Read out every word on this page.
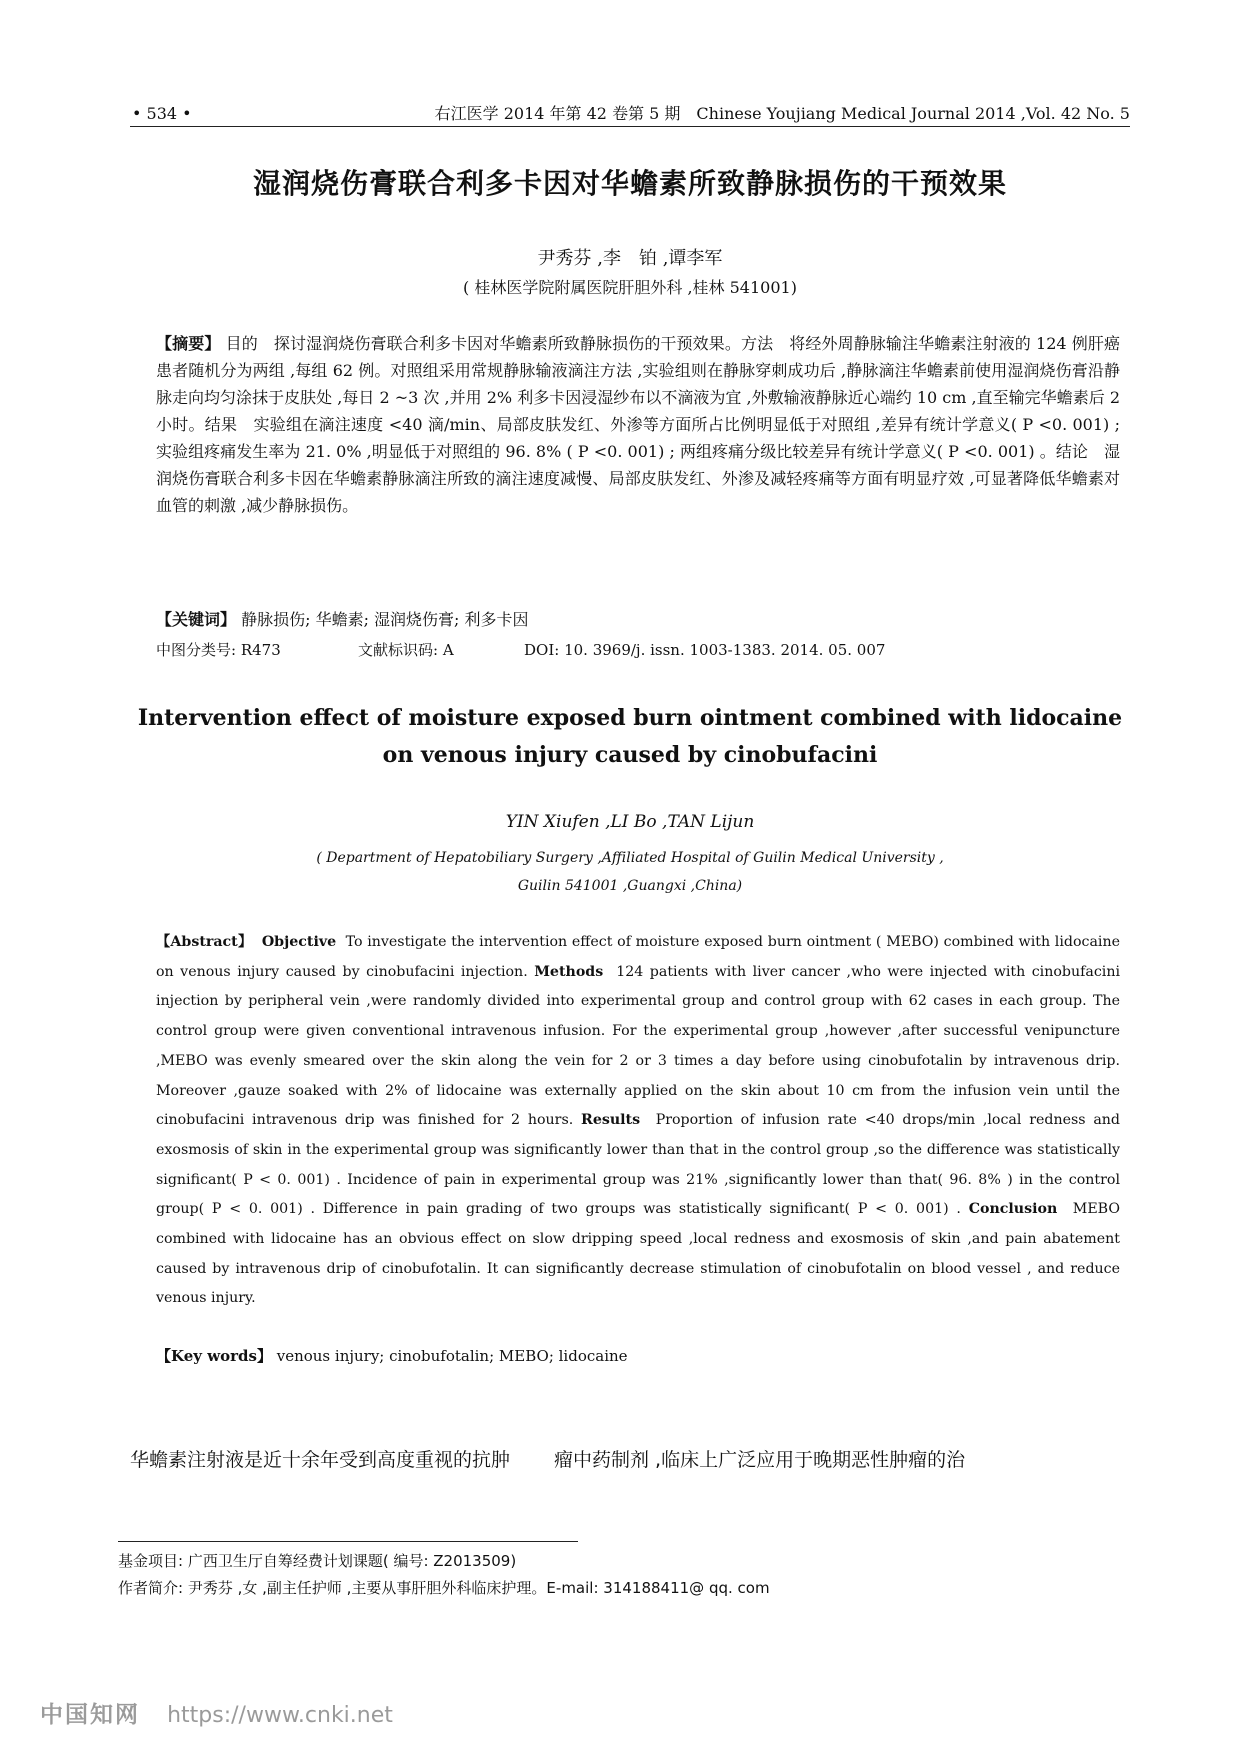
• 534 •	右江医学 2014 年第 42 卷第 5 期　Chinese Youjiang Medical Journal 2014 ,Vol. 42 No. 5
湿润烧伤膏联合利多卡因对华蟾素所致静脉损伤的干预效果
尹秀芬 ,李　铂 ,谭李军
( 桂林医学院附属医院肝胆外科 ,桂林 541001)
【摘要】 目的　探讨湿润烧伤膏联合利多卡因对华蟾素所致静脉损伤的干预效果。方法　将经外周静脉输注华蟾素注射液的 124 例肝癌患者随机分为两组 ,每组 62 例。对照组采用常规静脉输液滴注方法 ,实验组则在静脉穿刺成功后 ,静脉滴注华蟾素前使用湿润烧伤膏沿静脉走向均匀涂抹于皮肤处 ,每日 2 ~3 次 ,并用 2% 利多卡因浸湿纱布以不滴液为宜 ,外敷输液静脉近心端约 10 cm ,直至输完华蟾素后 2 小时。结果　实验组在滴注速度 <40 滴/min、局部皮肤发红、外渗等方面所占比例明显低于对照组 ,差异有统计学意义( P <0. 001) ; 实验组疼痛发生率为 21. 0% ,明显低于对照组的 96. 8% ( P <0. 001) ; 两组疼痛分级比较差异有统计学意义( P <0. 001) 。结论　湿润烧伤膏联合利多卡因在华蟾素静脉滴注所致的滴注速度减慢、局部皮肤发红、外渗及减轻疼痛等方面有明显疗效 ,可显著降低华蟾素对血管的刺激 ,减少静脉损伤。
【关键词】 静脉损伤; 华蟾素; 湿润烧伤膏; 利多卡因
中图分类号: R473	文献标识码: A	DOI: 10. 3969/j. issn. 1003-1383. 2014. 05. 007
Intervention effect of moisture exposed burn ointment combined with lidocaine
on venous injury caused by cinobufacini
YIN Xiufen ,LI Bo ,TAN Lijun
( Department of Hepatobiliary Surgery ,Affiliated Hospital of Guilin Medical University ,
Guilin 541001 ,Guangxi ,China)
【Abstract】 Objective To investigate the intervention effect of moisture exposed burn ointment ( MEBO) combined with lidocaine on venous injury caused by cinobufacini injection. Methods 124 patients with liver cancer ,who were injected with cinobufacini injection by peripheral vein ,were randomly divided into experimental group and control group with 62 cases in each group. The control group were given conventional intravenous infusion. For the experimental group ,however ,after successful venipuncture ,MEBO was evenly smeared over the skin along the vein for 2 or 3 times a day before using cinobufotalin by intravenous drip. Moreover ,gauze soaked with 2% of lidocaine was externally applied on the skin about 10 cm from the infusion vein until the cinobufacini intravenous drip was finished for 2 hours. Results Proportion of infusion rate <40 drops/min ,local redness and exosmosis of skin in the experimental group was significantly lower than that in the control group ,so the difference was statistically significant( P < 0. 001) . Incidence of pain in experimental group was 21% ,significantly lower than that( 96. 8% ) in the control group( P < 0. 001) . Difference in pain grading of two groups was statistically significant( P < 0. 001) . Conclusion MEBO combined with lidocaine has an obvious effect on slow dripping speed ,local redness and exosmosis of skin ,and pain abatement caused by intravenous drip of cinobufotalin. It can significantly decrease stimulation of cinobufotalin on blood vessel , and reduce venous injury.
【Key words】 venous injury; cinobufotalin; MEBO; lidocaine
华蟾素注射液是近十余年受到高度重视的抗肿 瘤中药制剂 ,临床上广泛应用于晚期恶性肿瘤的治
基金项目: 广西卫生厅自筹经费计划课题( 编号: Z2013509)
作者简介: 尹秀芬 ,女 ,副主任护师 ,主要从事肝胆外科临床护理。E-mail: 314188411@ qq. com
中国知网 https://www.cnki.net
